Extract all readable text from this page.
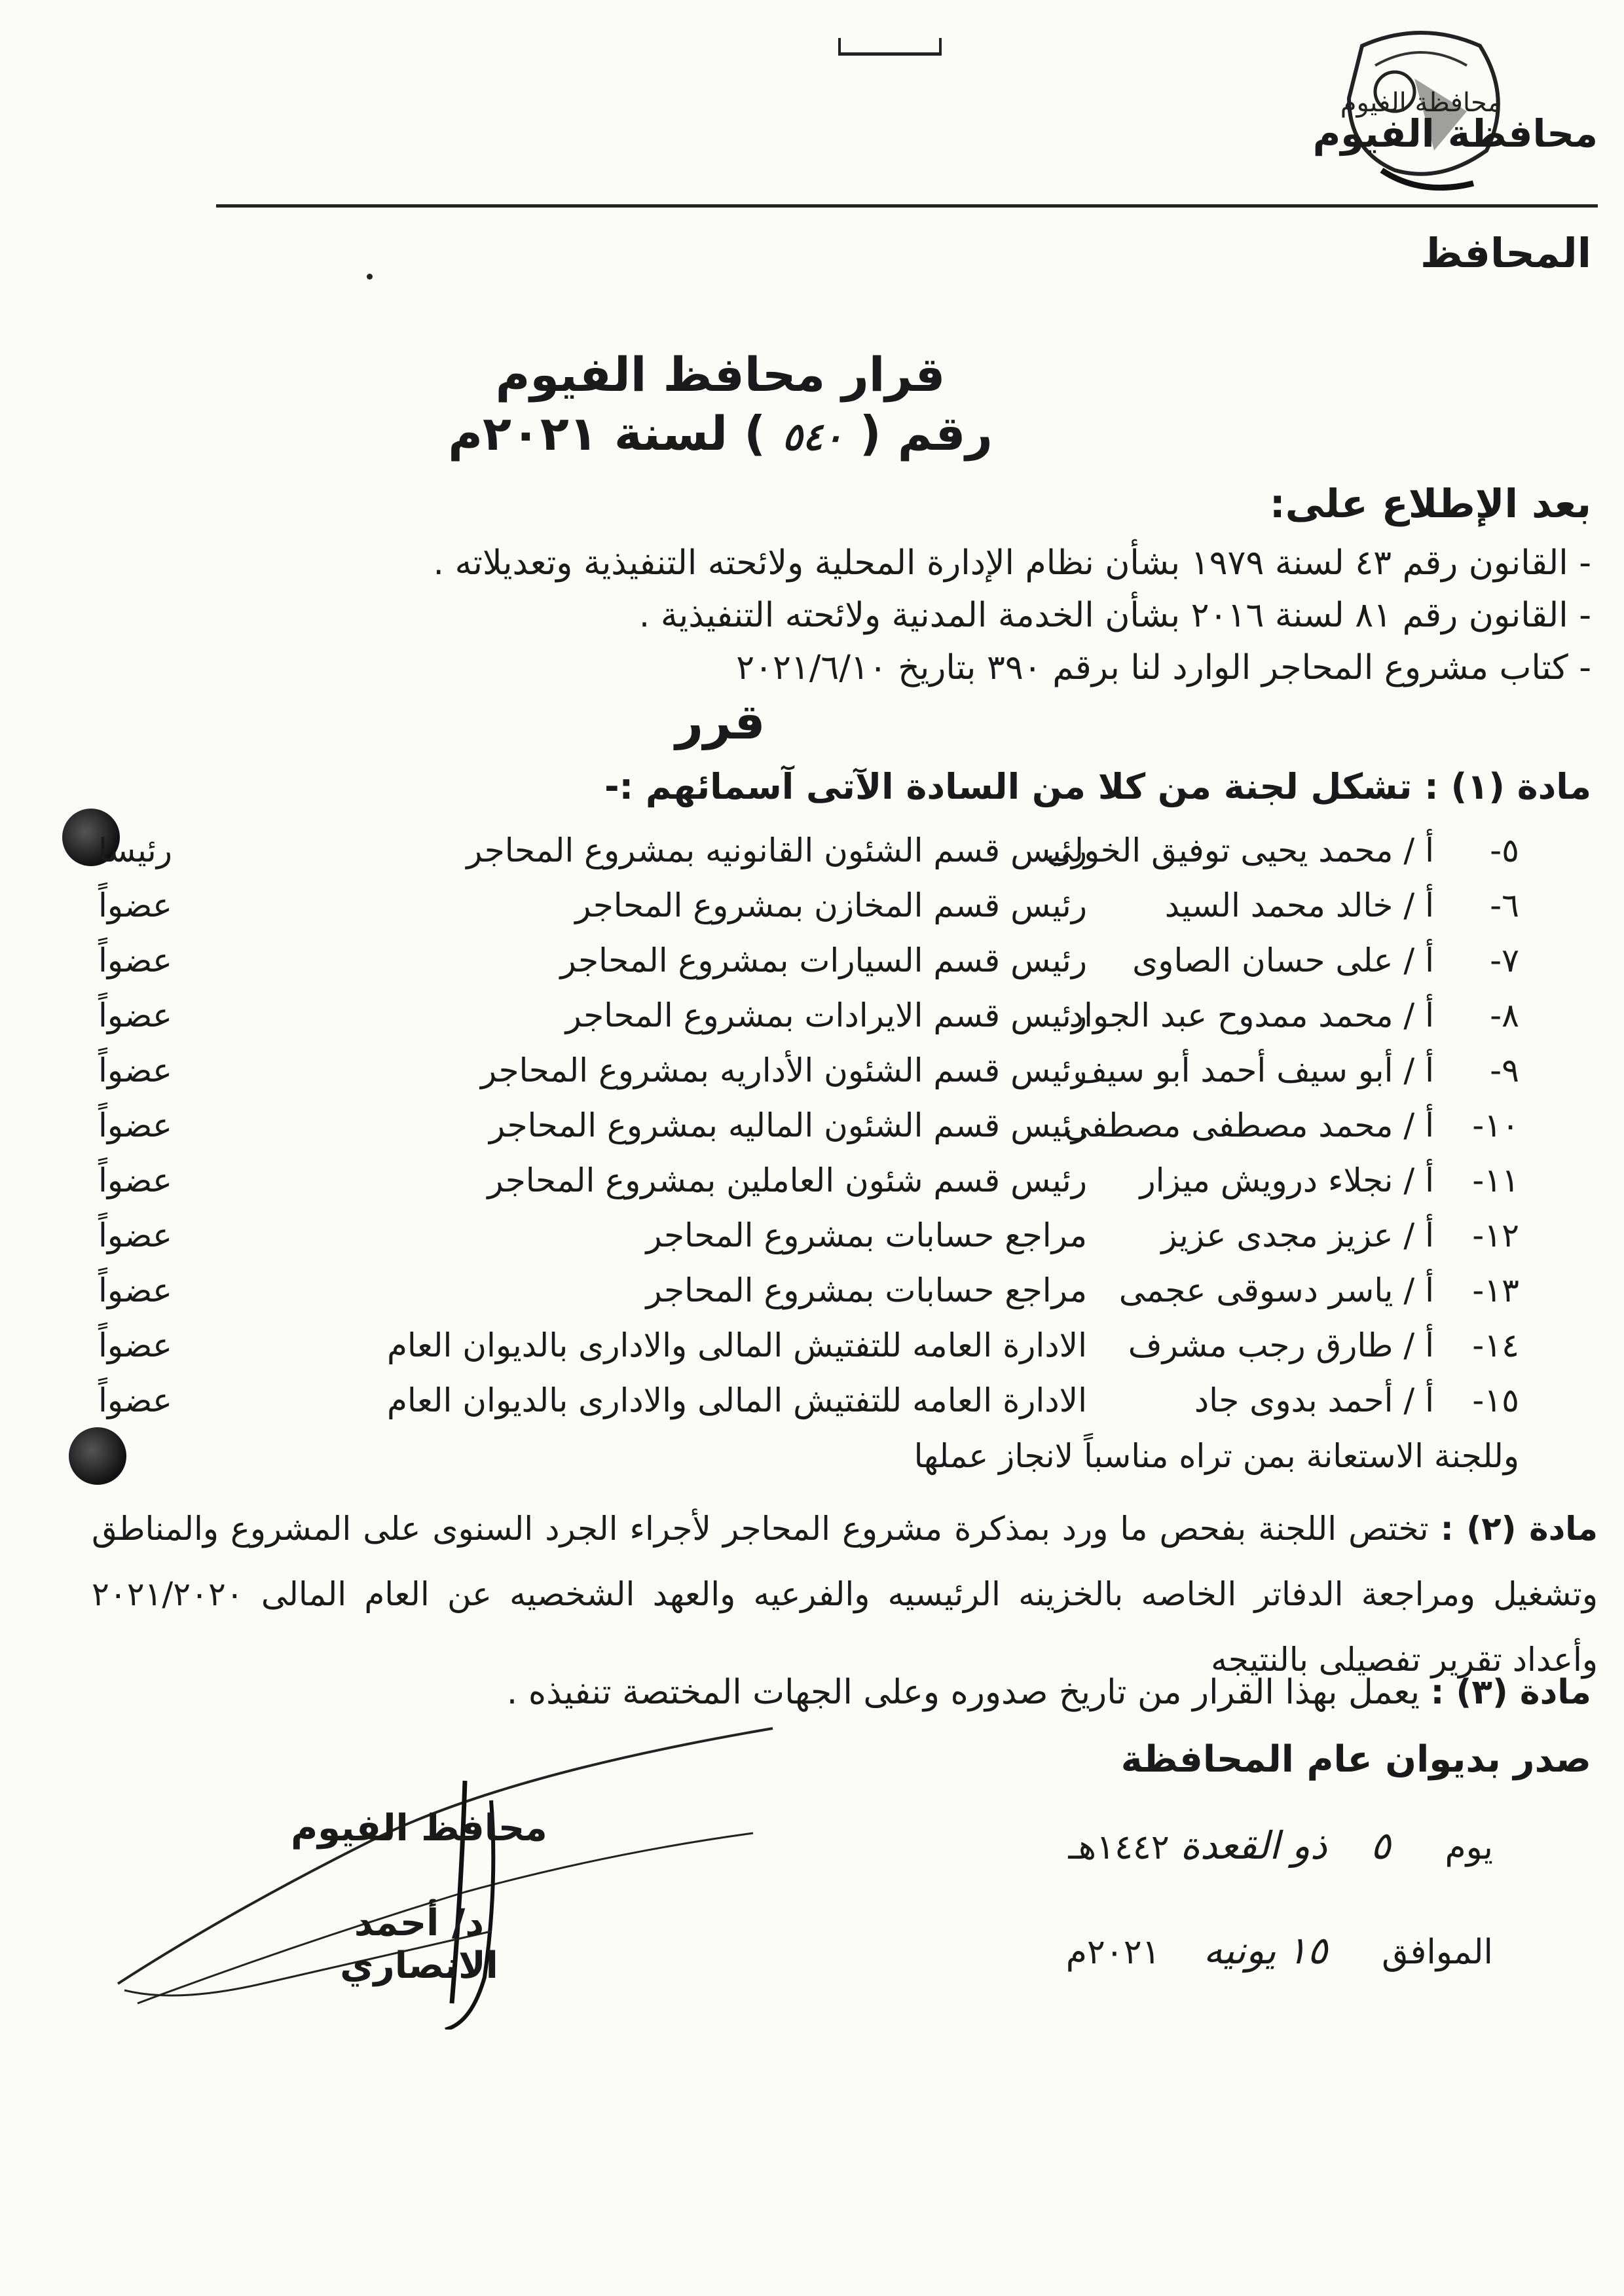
محافظة الفيوم
محافظة الفيوم
المحافظ
قرار محافظ الفيوم
رقم ( ٥٤٠ ) لسنة ٢٠٢١م
بعد الإطلاع على:
- القانون رقم ٤٣ لسنة ١٩٧٩ بشأن نظام الإدارة المحلية ولائحته التنفيذية وتعديلاته .
- القانون رقم ٨١ لسنة ٢٠١٦ بشأن الخدمة المدنية ولائحته التنفيذية .
- كتاب مشروع المحاجر الوارد لنا برقم ٣٩٠ بتاريخ ٢٠٢١/٦/١٠
قرر
مادة (١) : تشكل لجنة من كلا من السادة الآتى آسمائهم :-
٥-
أ / محمد يحيى توفيق الخولى
رئيس قسم الشئون القانونيه بمشروع المحاجر
رئيسا
٦-
أ / خالد محمد السيد
رئيس قسم المخازن بمشروع المحاجر
عضواً
٧-
أ / على حسان الصاوى
رئيس قسم السيارات بمشروع المحاجر
عضواً
٨-
أ / محمد ممدوح عبد الجواد
رئيس قسم الايرادات بمشروع المحاجر
عضواً
٩-
أ / أبو سيف أحمد أبو سيف
رئيس قسم الشئون الأداريه بمشروع المحاجر
عضواً
١٠-
أ / محمد مصطفى مصطفى
رئيس قسم الشئون الماليه بمشروع المحاجر
عضواً
١١-
أ / نجلاء درويش ميزار
رئيس قسم شئون العاملين بمشروع المحاجر
عضواً
١٢-
أ / عزيز مجدى عزيز
مراجع حسابات بمشروع المحاجر
عضواً
١٣-
أ / ياسر دسوقى عجمى
مراجع حسابات بمشروع المحاجر
عضواً
١٤-
أ / طارق رجب مشرف
الادارة العامه للتفتيش المالى والادارى بالديوان العام
عضواً
١٥-
أ / أحمد بدوى جاد
الادارة العامه للتفتيش المالى والادارى بالديوان العام
عضواً
وللجنة الاستعانة بمن تراه مناسباً لانجاز عملها
مادة (٢) : تختص اللجنة بفحص ما ورد بمذكرة مشروع المحاجر لأجراء الجرد السنوى على المشروع والمناطق وتشغيل ومراجعة الدفاتر الخاصه بالخزينه الرئيسيه والفرعيه والعهد الشخصيه عن العام المالى ٢٠٢١/٢٠٢٠ وأعداد تقرير تفصيلى بالنتيجه
مادة (٣) : يعمل بهذا القرار من تاريخ صدوره وعلى الجهات المختصة تنفيذه .
صدر بديوان عام المحافظة
يوم     ٥    ذو القعدة ١٤٤٢هـ
الموافق     ١٥ يونيه    ٢٠٢١م
محافظ الفيوم
د/ أحمد الانصاري
